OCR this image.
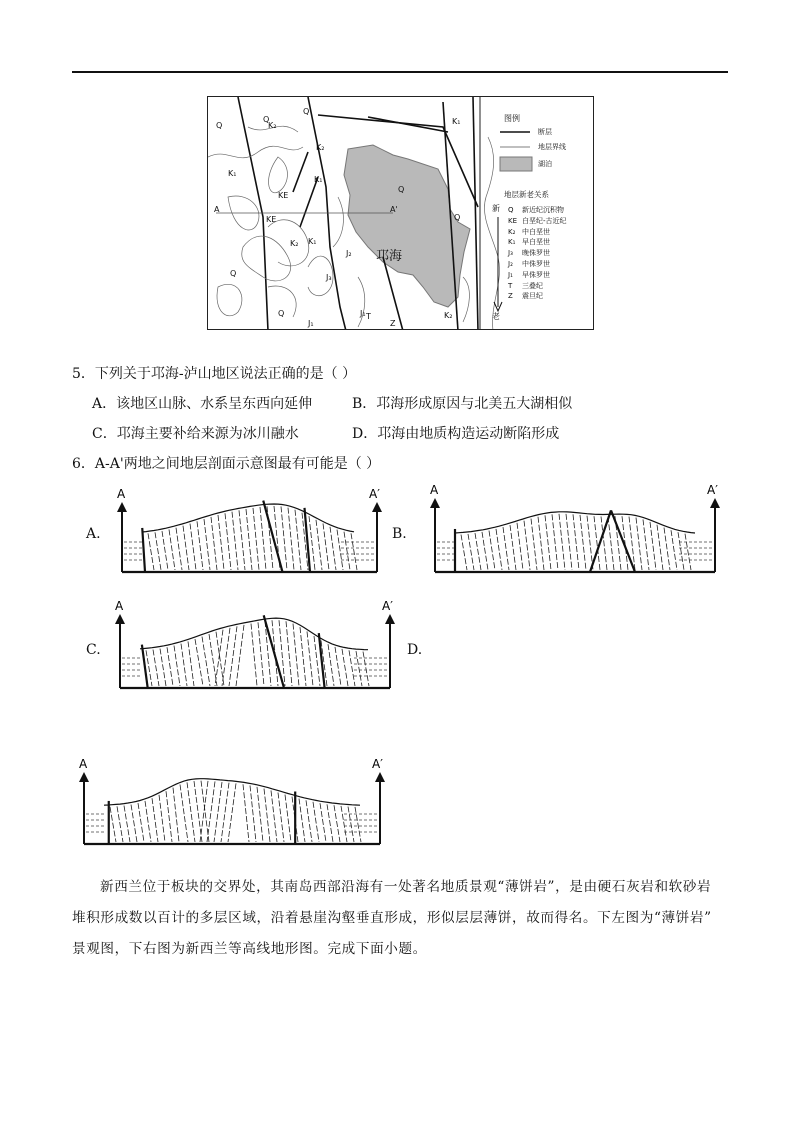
邛海
图例
断层
地层界线
湖泊
地层新老关系
新
老
Q 新近纪沉积物
KE 白垩纪-古近纪
K₂ 中白垩世
K₁ 早白垩世
J₃ 晚侏罗世
J₂ 中侏罗世
J₁ 早侏罗世
T 三叠纪
Z 震旦纪
Q
Q
Q
Q
Q
Q
K₂
K₂
K₁
K₁
KE
KE
K₁
K₂
J₂
J₃
J₁
J₁
T
Z
Q
K₁
K₂
A	A'
5．下列关于邛海-泸山地区说法正确的是（ ）
A．该地区山脉、水系呈东西向延伸	B．邛海形成原因与北美五大湖相似
C．邛海主要补给来源为冰川融水	D．邛海由地质构造运动断陷形成
6．A-A'两地之间地层剖面示意图最有可能是（ ）
A.	B.
C.	D.
A	A′	A	A′
A	A′
A	A′
新西兰位于板块的交界处，其南岛西部沿海有一处著名地质景观“薄饼岩”，是由硬石灰岩和软砂岩
堆积形成数以百计的多层区域，沿着悬崖沟壑垂直形成，形似层层薄饼，故而得名。下左图为“薄饼岩”
景观图，下右图为新西兰等高线地形图。完成下面小题。
